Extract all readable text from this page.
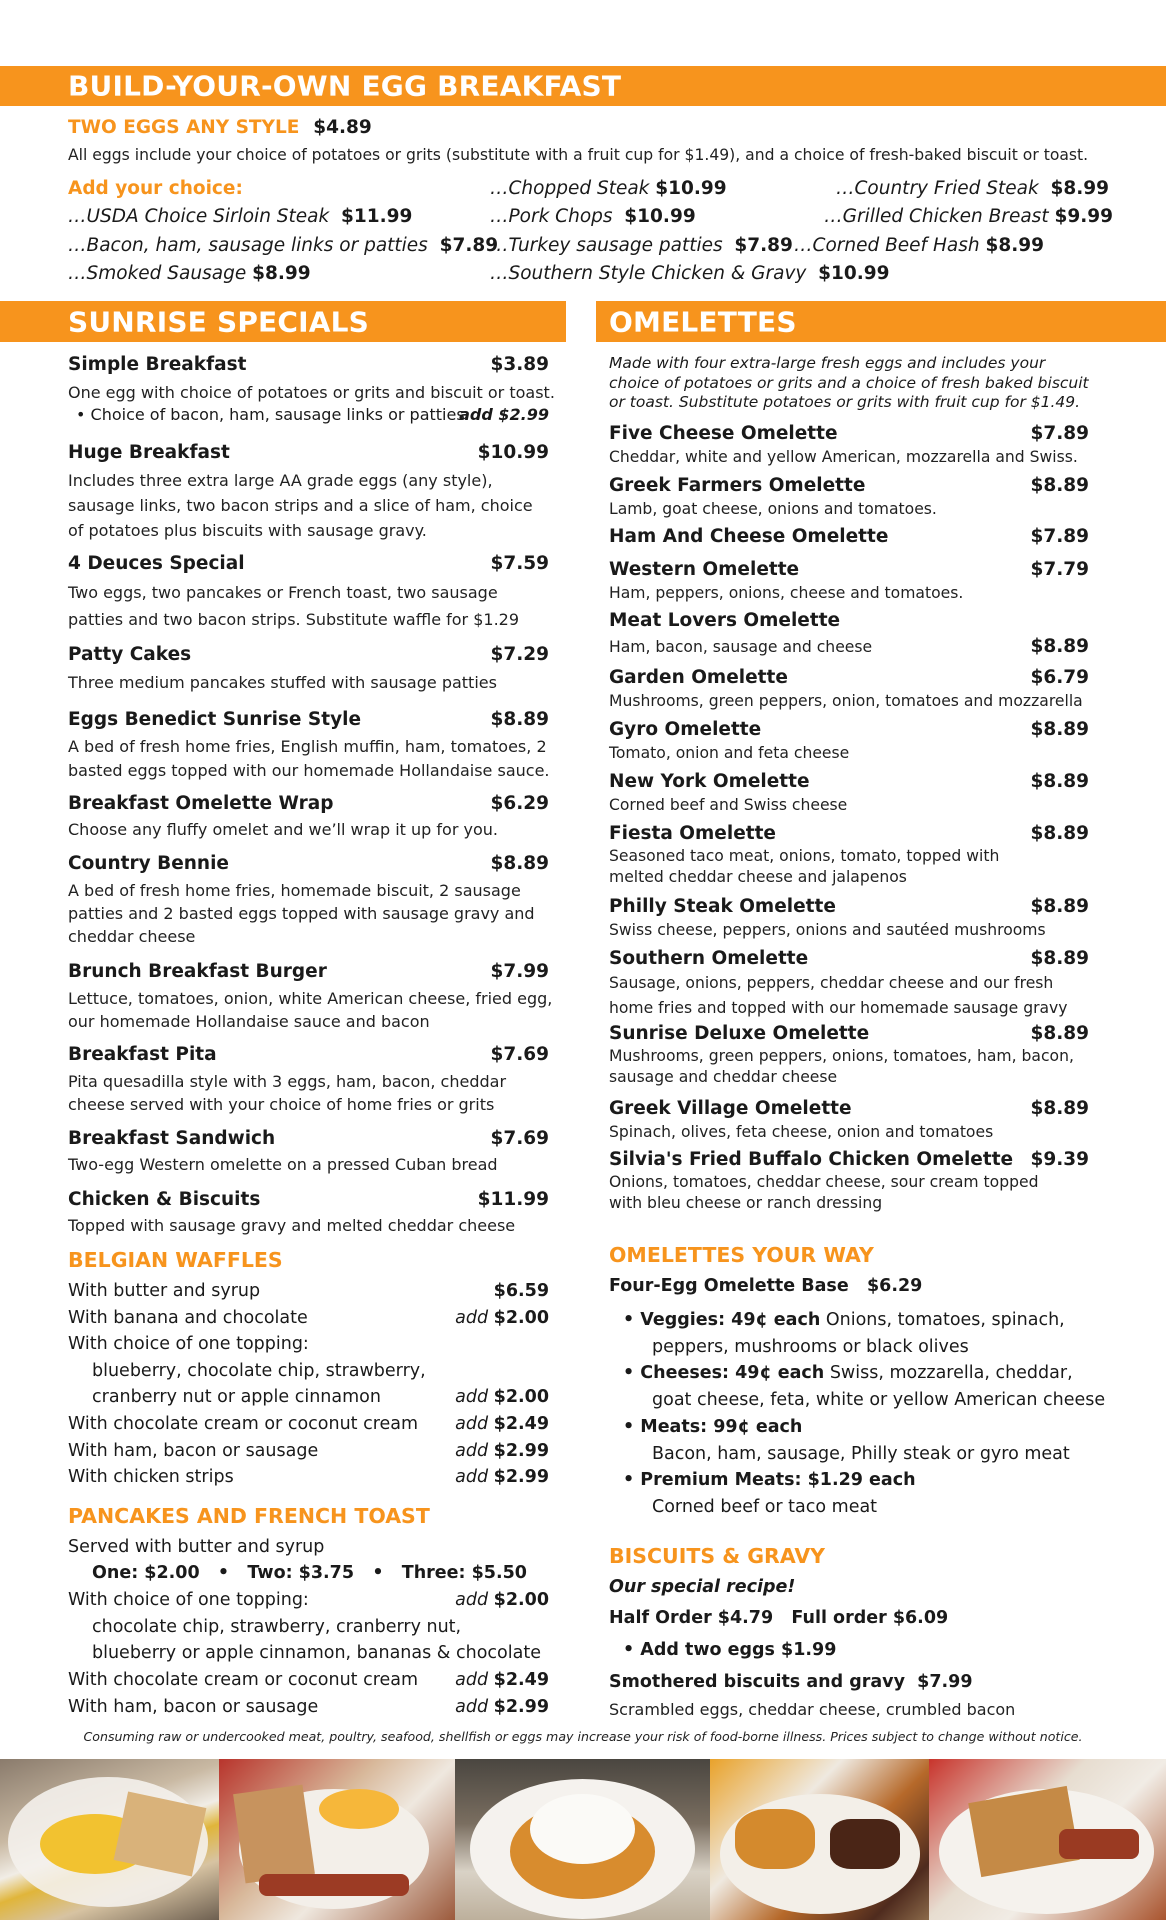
BUILD-YOUR-OWN EGG BREAKFAST
TWO EGGS ANY STYLE $4.89
All eggs include your choice of potatoes or grits (substitute with a fruit cup for $1.49), and a choice of fresh-baked biscuit or toast.
Add your choice:
…USDA Choice Sirloin Steak $11.99
…Bacon, ham, sausage links or patties $7.89
…Smoked Sausage $8.99
…Chopped Steak $10.99
…Pork Chops $10.99
…Turkey sausage patties $7.89
…Southern Style Chicken & Gravy $10.99
…Country Fried Steak $8.99
…Grilled Chicken Breast $9.99
…Corned Beef Hash $8.99
SUNRISE SPECIALS	OMELETTES
Simple Breakfast	$3.89
One egg with choice of potatoes or grits and biscuit or toast.
• Choice of bacon, ham, sausage links or patties
add $2.99
Huge Breakfast	$10.99
Includes three extra large AA grade eggs (any style), sausage links, two bacon strips and a slice of ham, choice of potatoes plus biscuits with sausage gravy.
4 Deuces Special	$7.59
Two eggs, two pancakes or French toast, two sausage patties and two bacon strips. Substitute waffle for $1.29
Patty Cakes	$7.29
Three medium pancakes stuffed with sausage patties
Eggs Benedict Sunrise Style	$8.89
A bed of fresh home fries, English muffin, ham, tomatoes, 2 basted eggs topped with our homemade Hollandaise sauce.
Breakfast Omelette Wrap	$6.29
Choose any fluffy omelet and we’ll wrap it up for you.
Country Bennie	$8.89
A bed of fresh home fries, homemade biscuit, 2 sausage patties and 2 basted eggs topped with sausage gravy and cheddar cheese
Brunch Breakfast Burger	$7.99
Lettuce, tomatoes, onion, white American cheese, fried egg, our homemade Hollandaise sauce and bacon
Breakfast Pita	$7.69
Pita quesadilla style with 3 eggs, ham, bacon, cheddar cheese served with your choice of home fries or grits
Breakfast Sandwich	$7.69
Two-egg Western omelette on a pressed Cuban bread
Chicken & Biscuits	$11.99
Topped with sausage gravy and melted cheddar cheese
BELGIAN WAFFLES
With butter and syrup	$6.59
With banana and chocolate	add $2.00
With choice of one topping:
blueberry, chocolate chip, strawberry,
cranberry nut or apple cinnamon	add $2.00
With chocolate cream or coconut cream add $2.49
With ham, bacon or sausage	add $2.99
With chicken strips	add $2.99
PANCAKES AND FRENCH TOAST
Served with butter and syrup
One: $2.00   •   Two: $3.75   •   Three: $5.50
With choice of one topping:	add $2.00
chocolate chip, strawberry, cranberry nut,
blueberry or apple cinnamon, bananas & chocolate
With chocolate cream or coconut cream add $2.49
With ham, bacon or sausage	add $2.99
Made with four extra-large fresh eggs and includes your choice of potatoes or grits and a choice of fresh baked biscuit or toast. Substitute potatoes or grits with fruit cup for $1.49.
Five Cheese Omelette	$7.89
Cheddar, white and yellow American, mozzarella and Swiss.
Greek Farmers Omelette	$8.89
Lamb, goat cheese, onions and tomatoes.
Ham And Cheese Omelette	$7.89
Western Omelette	$7.79
Ham, peppers, onions, cheese and tomatoes.
Meat Lovers Omelette
Ham, bacon, sausage and cheese	$8.89
Garden Omelette	$6.79
Mushrooms, green peppers, onion, tomatoes and mozzarella
Gyro Omelette	$8.89
Tomato, onion and feta cheese
New York Omelette	$8.89
Corned beef and Swiss cheese
Fiesta Omelette	$8.89
Seasoned taco meat, onions, tomato, topped with melted cheddar cheese and jalapenos
Philly Steak Omelette	$8.89
Swiss cheese, peppers, onions and sautéed mushrooms
Southern Omelette	$8.89
Sausage, onions, peppers, cheddar cheese and our fresh home fries and topped with our homemade sausage gravy
Sunrise Deluxe Omelette	$8.89
Mushrooms, green peppers, onions, tomatoes, ham, bacon, sausage and cheddar cheese
Greek Village Omelette	$8.89
Spinach, olives, feta cheese, onion and tomatoes
Silvia's Fried Buffalo Chicken Omelette $9.39
Onions, tomatoes, cheddar cheese, sour cream topped with bleu cheese or ranch dressing
OMELETTES YOUR WAY
Four-Egg Omelette Base   $6.29
• Veggies: 49¢ each Onions, tomatoes, spinach,
peppers, mushrooms or black olives
• Cheeses: 49¢ each Swiss, mozzarella, cheddar,
goat cheese, feta, white or yellow American cheese
• Meats: 99¢ each
Bacon, ham, sausage, Philly steak or gyro meat
• Premium Meats: $1.29 each
Corned beef or taco meat
BISCUITS & GRAVY
Our special recipe!
Half Order $4.79   Full order $6.09
• Add two eggs $1.99
Smothered biscuits and gravy  $7.99
Scrambled eggs, cheddar cheese, crumbled bacon
Consuming raw or undercooked meat, poultry, seafood, shellfish or eggs may increase your risk of food-borne illness. Prices subject to change without notice.
